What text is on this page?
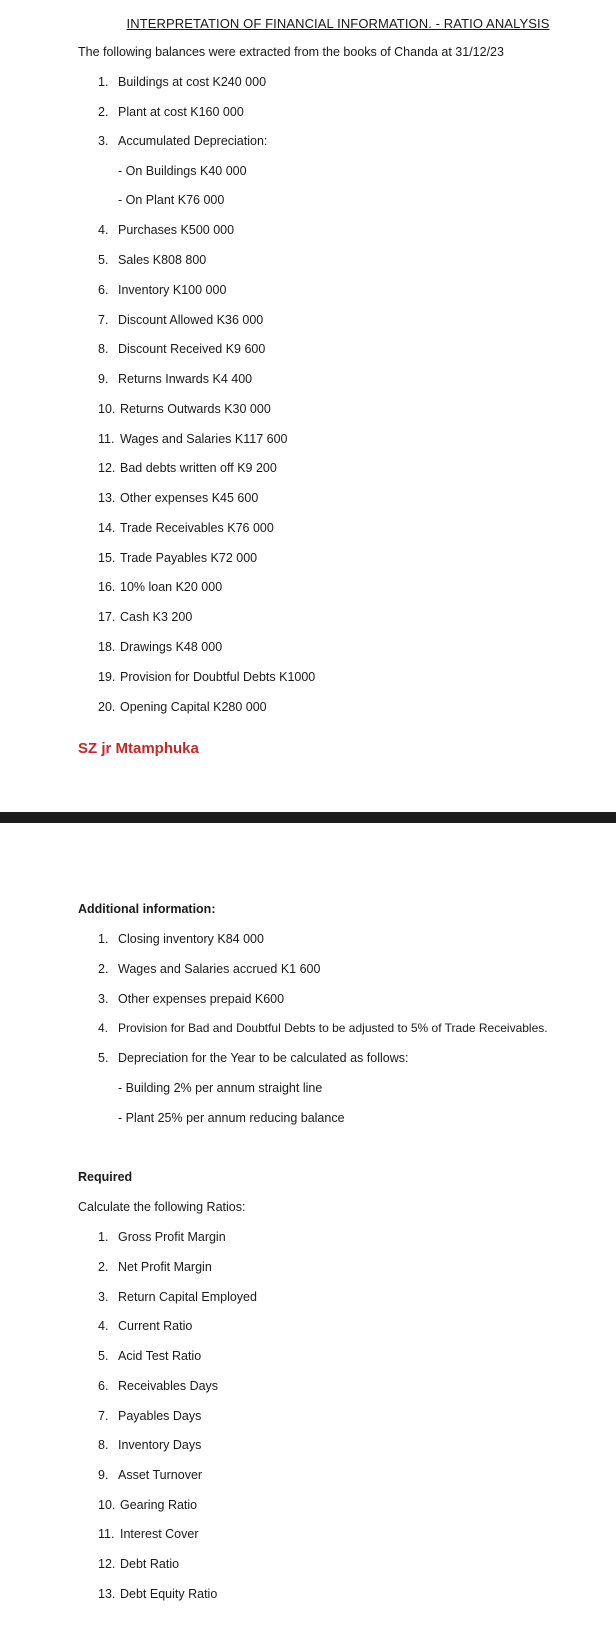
INTERPRETATION OF FINANCIAL INFORMATION. - RATIO ANALYSIS
The following balances were extracted from the books of Chanda at 31/12/23
1. Buildings at cost K240 000
2. Plant at cost K160 000
3. Accumulated Depreciation:
- On Buildings K40 000
- On Plant K76 000
4. Purchases K500 000
5. Sales K808 800
6. Inventory K100 000
7. Discount Allowed K36 000
8. Discount Received K9 600
9. Returns Inwards K4 400
10. Returns Outwards K30 000
11. Wages and Salaries K117 600
12. Bad debts written off K9 200
13. Other expenses K45 600
14. Trade Receivables K76 000
15. Trade Payables K72 000
16. 10% loan K20 000
17. Cash K3 200
18. Drawings K48 000
19. Provision for Doubtful Debts K1000
20. Opening Capital K280 000
SZ jr Mtamphuka
Additional information:
1. Closing inventory K84 000
2. Wages and Salaries accrued K1 600
3. Other expenses prepaid K600
4. Provision for Bad and Doubtful Debts to be adjusted to 5% of Trade Receivables.
5. Depreciation for the Year to be calculated as follows:
- Building 2% per annum straight line
- Plant 25% per annum reducing balance
Required
Calculate the following Ratios:
1. Gross Profit Margin
2. Net Profit Margin
3. Return Capital Employed
4. Current Ratio
5. Acid Test Ratio
6. Receivables Days
7. Payables Days
8. Inventory Days
9. Asset Turnover
10. Gearing Ratio
11. Interest Cover
12. Debt Ratio
13. Debt Equity Ratio
